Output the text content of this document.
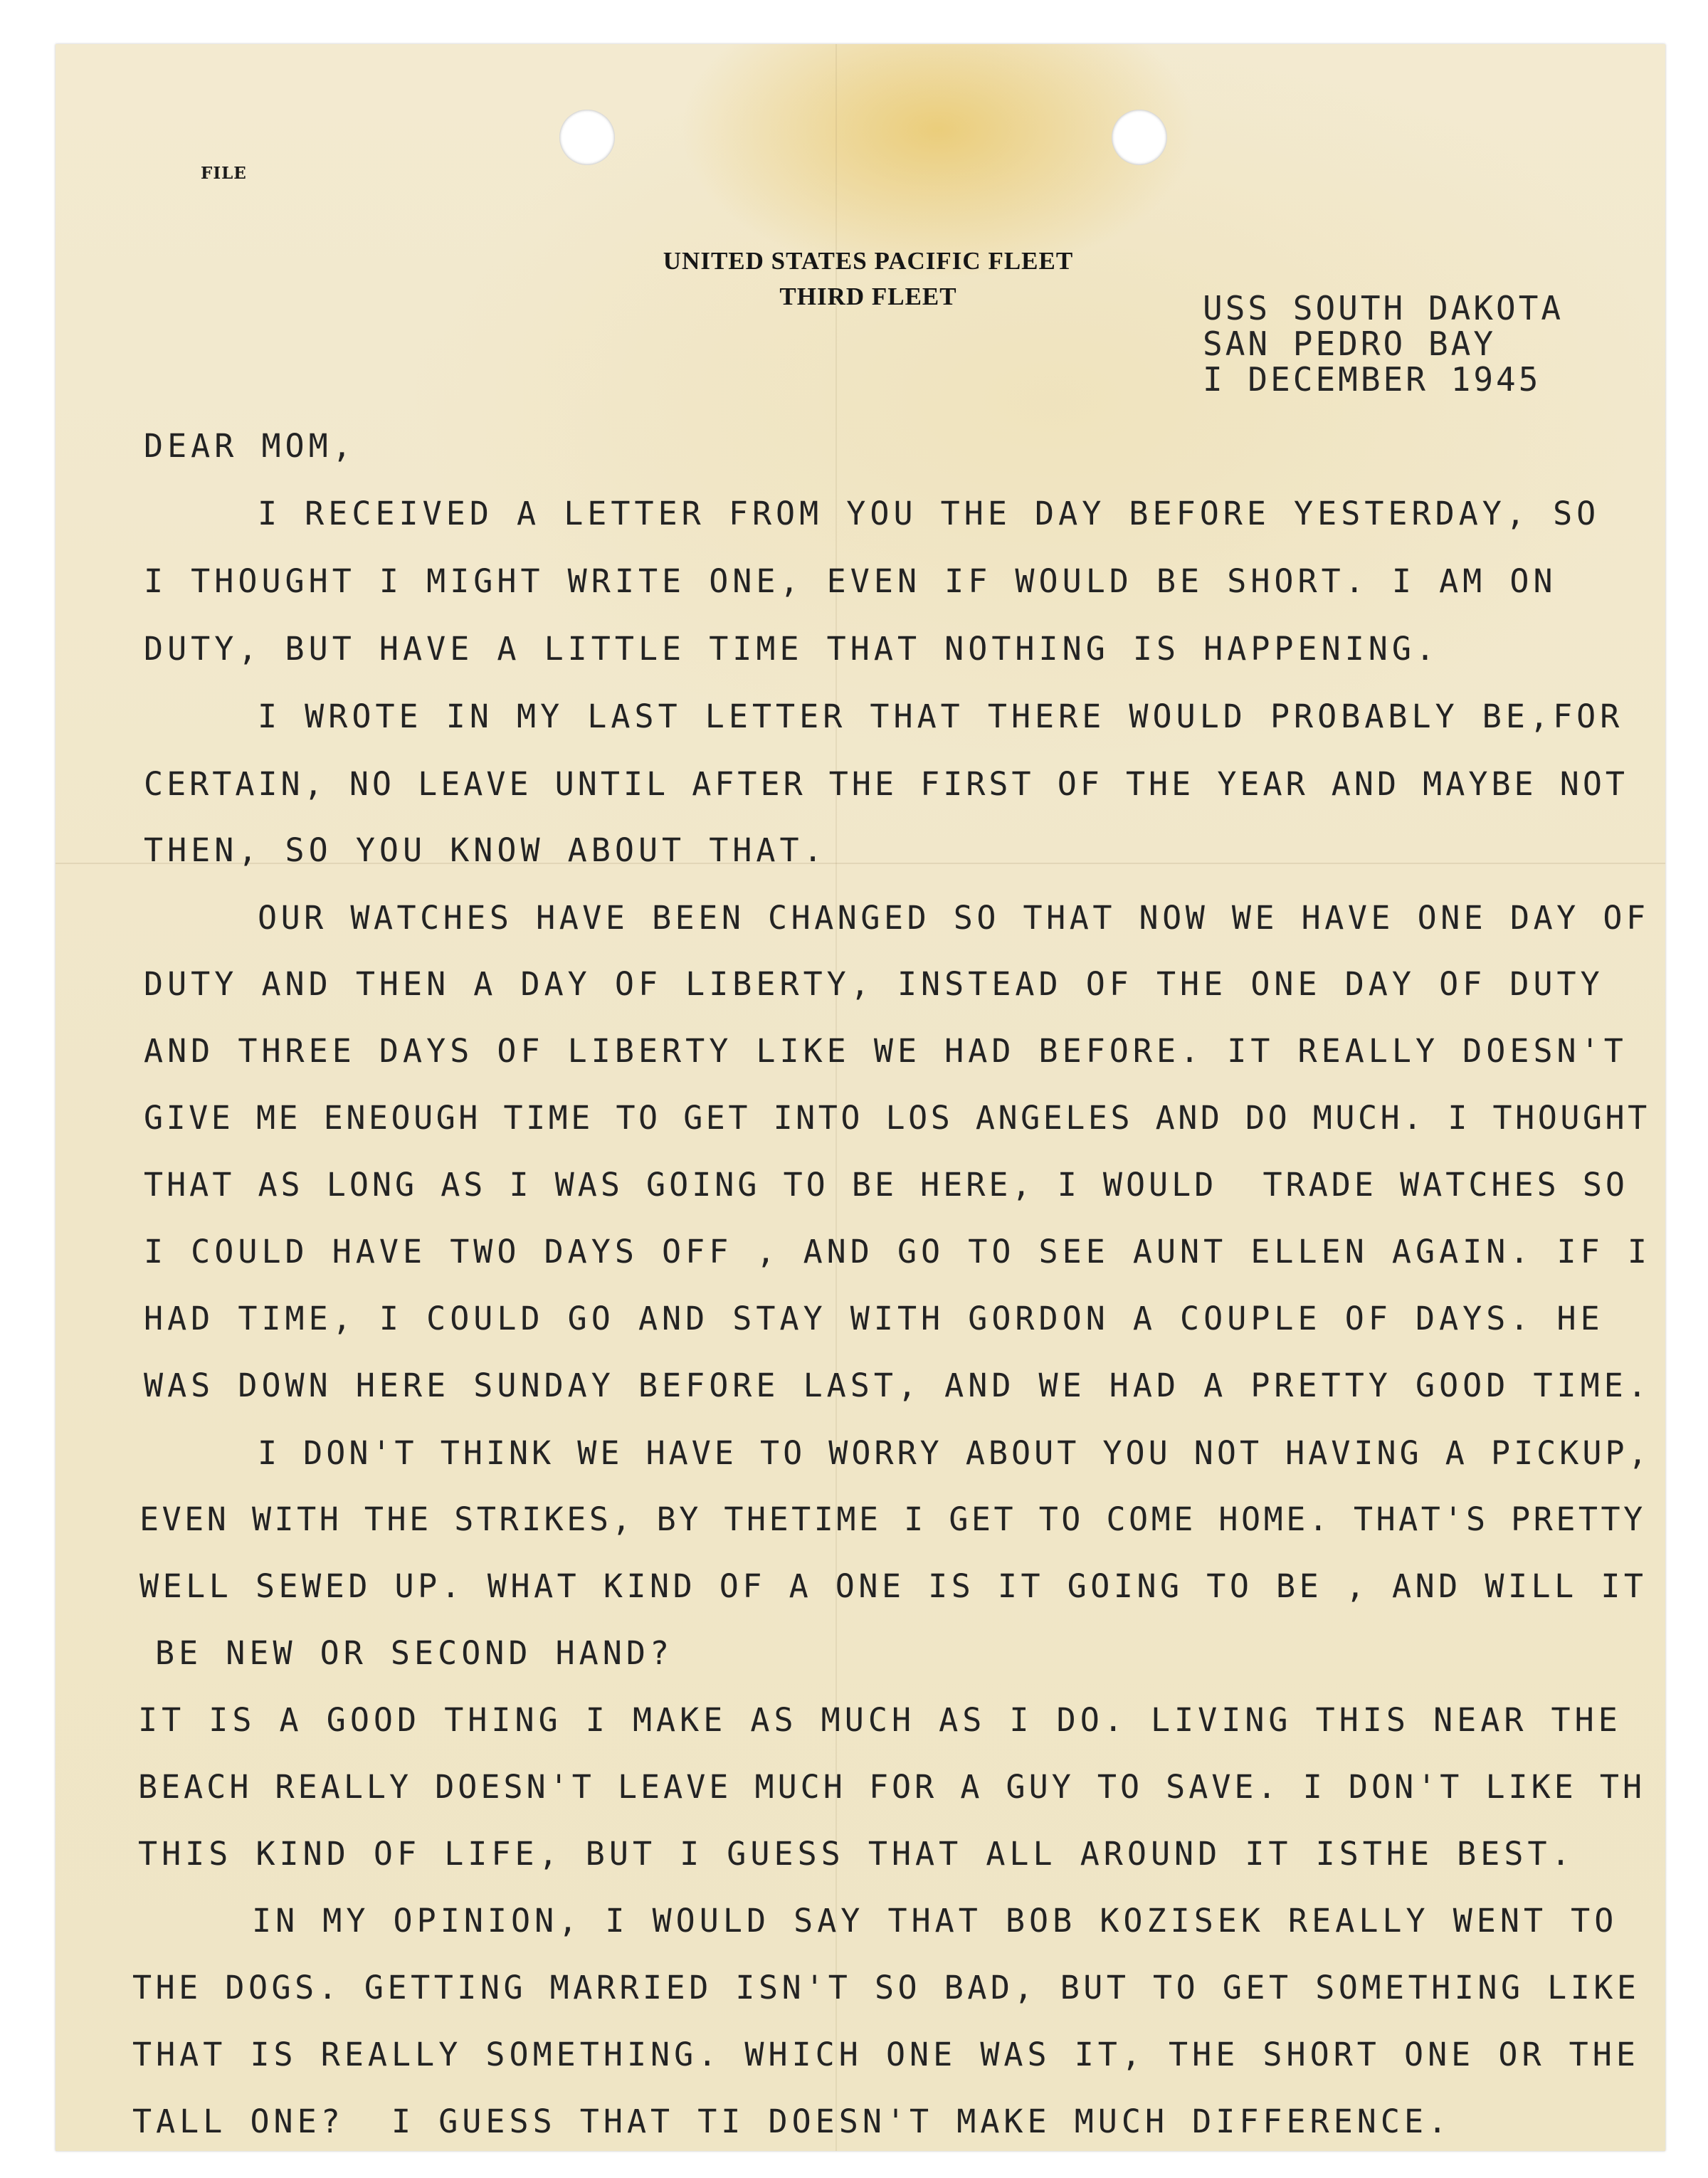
FILE
UNITED STATES PACIFIC FLEET
THIRD FLEET	USS SOUTH DAKOTA
SAN PEDRO BAY
I DECEMBER 1945
DEAR MOM,
I RECEIVED A LETTER FROM YOU THE DAY BEFORE YESTERDAY, SO
I THOUGHT I MIGHT WRITE ONE, EVEN IF WOULD BE SHORT. I AM ON
DUTY, BUT HAVE A LITTLE TIME THAT NOTHING IS HAPPENING.
I WROTE IN MY LAST LETTER THAT THERE WOULD PROBABLY BE,FOR
CERTAIN, NO LEAVE UNTIL AFTER THE FIRST OF THE YEAR AND MAYBE NOT
THEN, SO YOU KNOW ABOUT THAT.
OUR WATCHES HAVE BEEN CHANGED SO THAT NOW WE HAVE ONE DAY OF
DUTY AND THEN A DAY OF LIBERTY, INSTEAD OF THE ONE DAY OF DUTY
AND THREE DAYS OF LIBERTY LIKE WE HAD BEFORE. IT REALLY DOESN'T
GIVE ME ENEOUGH TIME TO GET INTO LOS ANGELES AND DO MUCH. I THOUGHT
THAT AS LONG AS I WAS GOING TO BE HERE, I WOULD  TRADE WATCHES SO
I COULD HAVE TWO DAYS OFF , AND GO TO SEE AUNT ELLEN AGAIN. IF I
HAD TIME, I COULD GO AND STAY WITH GORDON A COUPLE OF DAYS. HE
WAS DOWN HERE SUNDAY BEFORE LAST, AND WE HAD A PRETTY GOOD TIME.
I DON'T THINK WE HAVE TO WORRY ABOUT YOU NOT HAVING A PICKUP,
EVEN WITH THE STRIKES, BY THETIME I GET TO COME HOME. THAT'S PRETTY
WELL SEWED UP. WHAT KIND OF A ONE IS IT GOING TO BE , AND WILL IT
BE NEW OR SECOND HAND?
IT IS A GOOD THING I MAKE AS MUCH AS I DO. LIVING THIS NEAR THE
BEACH REALLY DOESN'T LEAVE MUCH FOR A GUY TO SAVE. I DON'T LIKE TH
THIS KIND OF LIFE, BUT I GUESS THAT ALL AROUND IT ISTHE BEST.
IN MY OPINION, I WOULD SAY THAT BOB KOZISEK REALLY WENT TO
THE DOGS. GETTING MARRIED ISN'T SO BAD, BUT TO GET SOMETHING LIKE
THAT IS REALLY SOMETHING. WHICH ONE WAS IT, THE SHORT ONE OR THE
TALL ONE?  I GUESS THAT TI DOESN'T MAKE MUCH DIFFERENCE.
